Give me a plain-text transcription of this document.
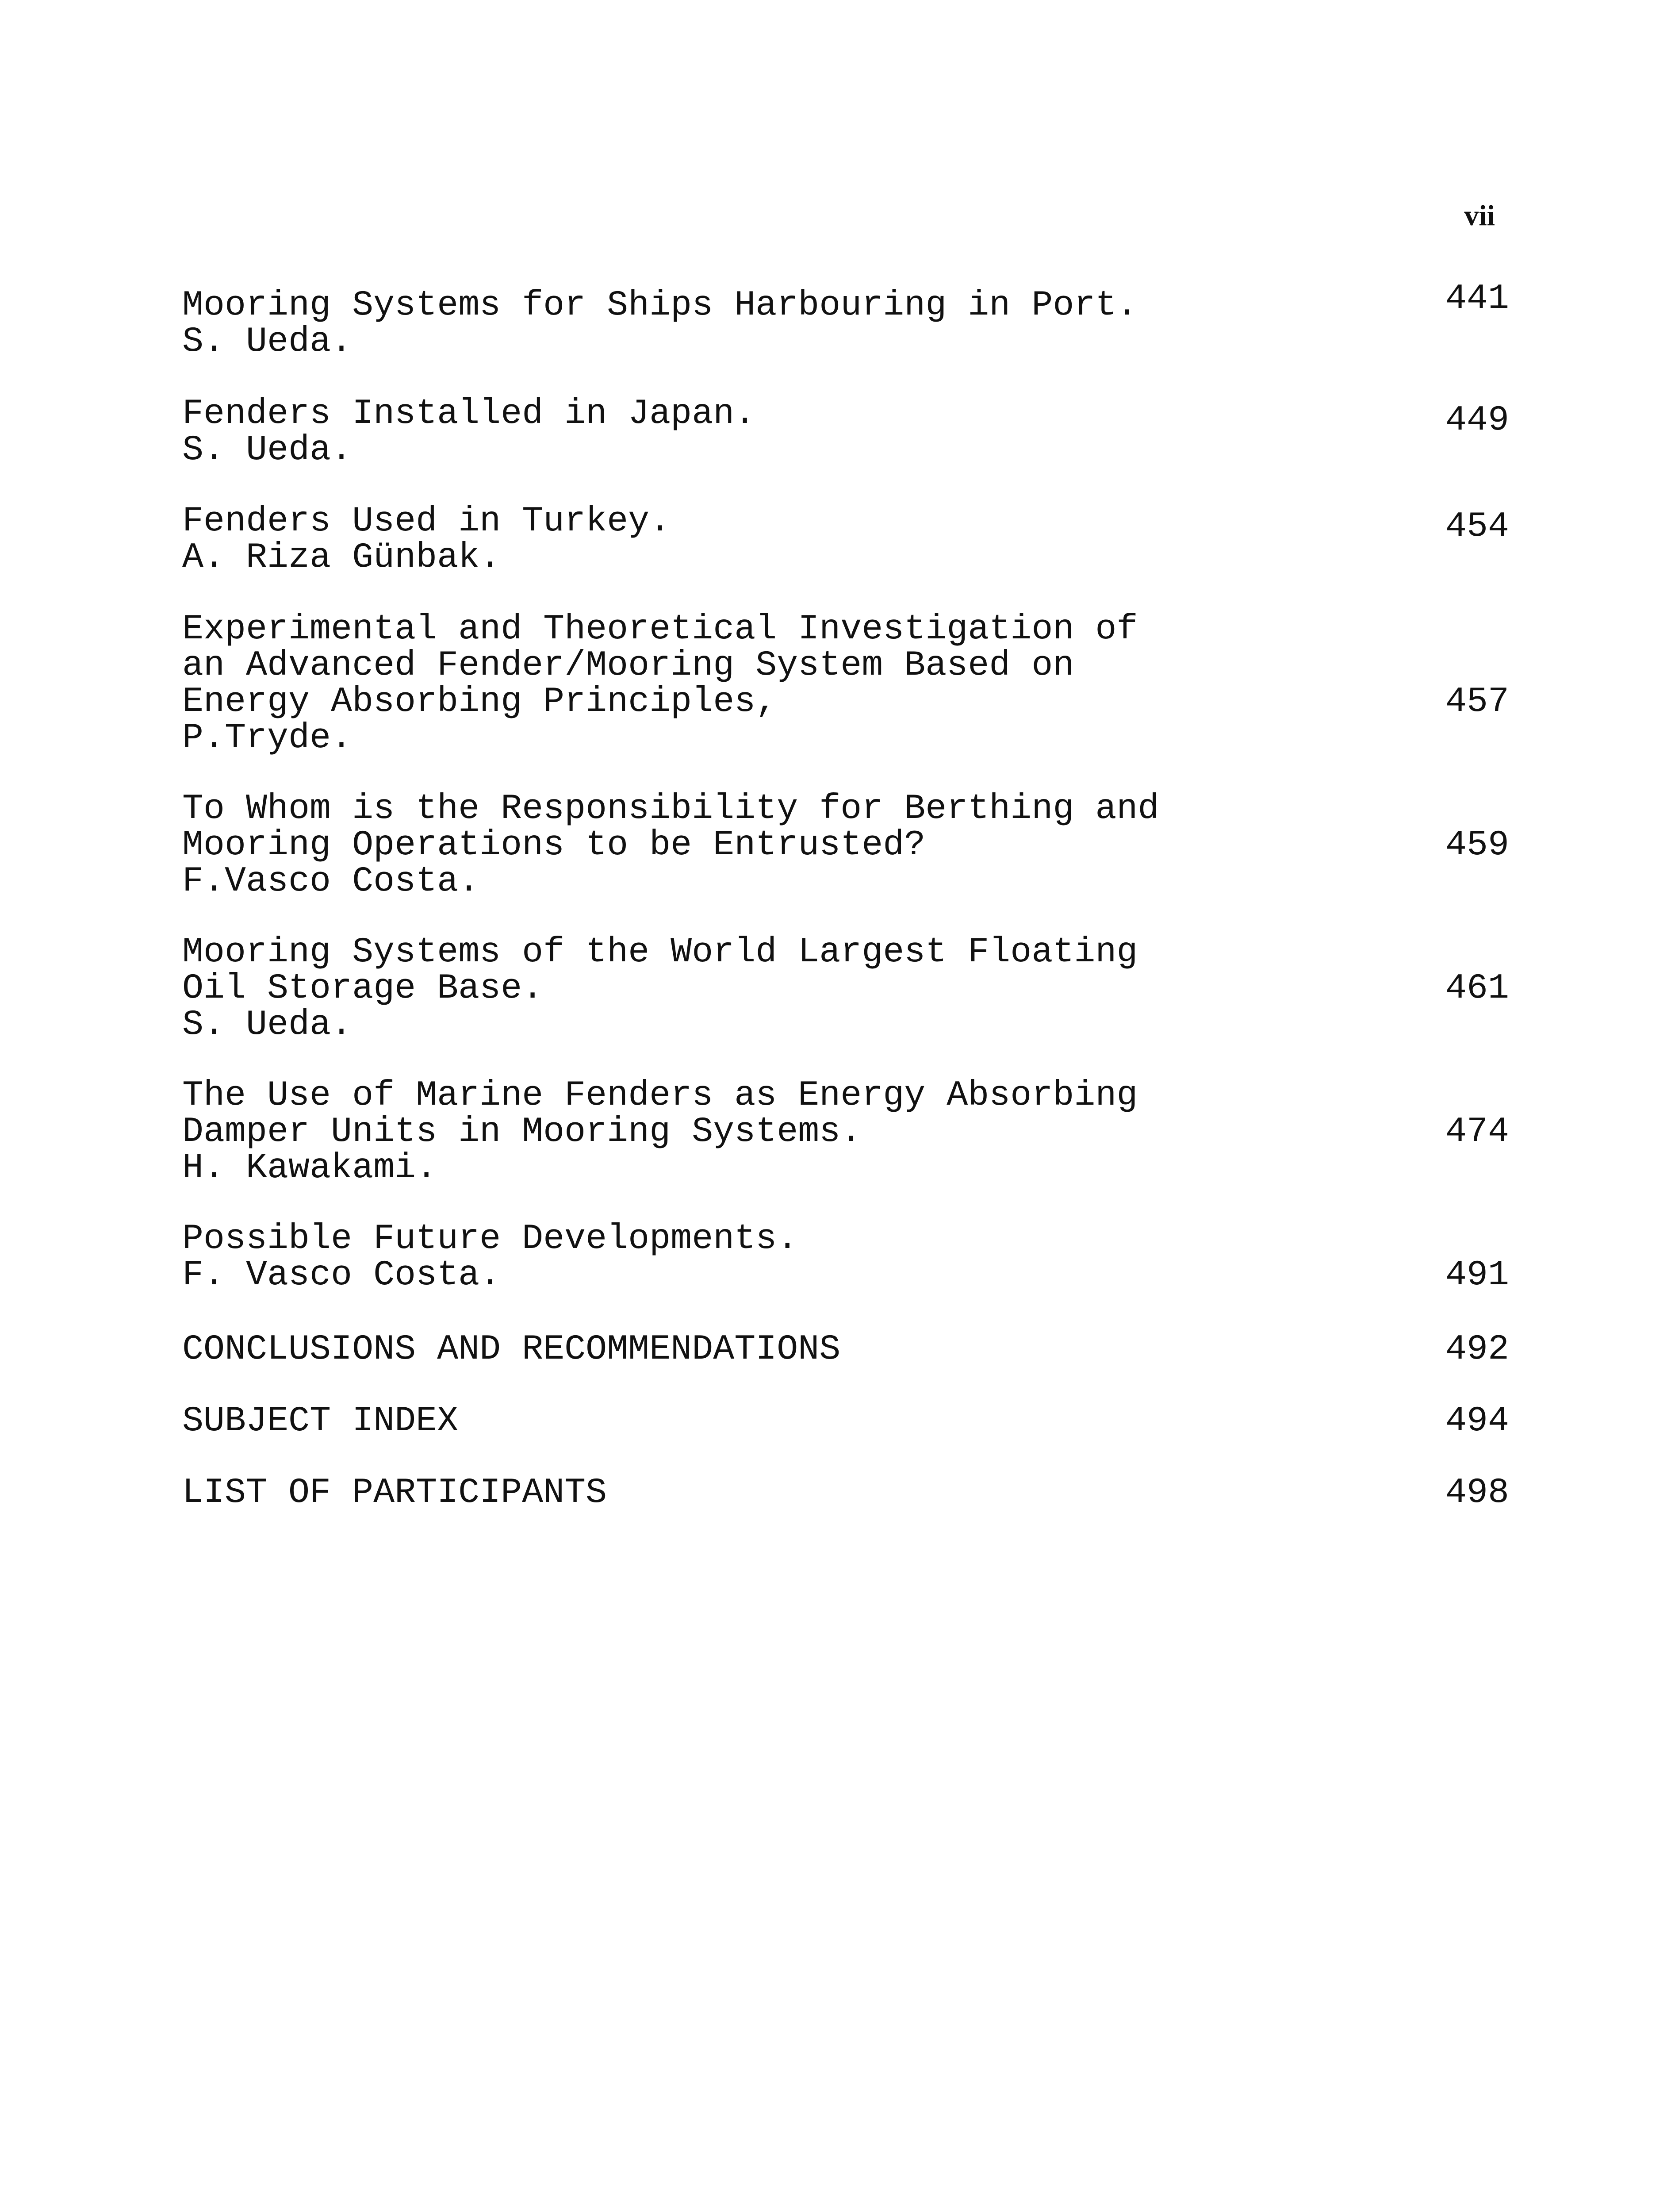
vii
Mooring Systems for Ships Harbouring in Port.
S. Ueda.
441
Fenders Installed in Japan.
S. Ueda.
449
Fenders Used in Turkey.
A. Riza Günbak.
454
Experimental and Theoretical Investigation of
an Advanced Fender/Mooring System Based on
Energy Absorbing Principles,
P.Tryde.
457
To Whom is the Responsibility for Berthing and
Mooring Operations to be Entrusted?
F.Vasco Costa.
459
Mooring Systems of the World Largest Floating
Oil Storage Base.
S. Ueda.
461
The Use of Marine Fenders as Energy Absorbing
Damper Units in Mooring Systems.
H. Kawakami.
474
Possible Future Developments.
F. Vasco Costa.	491
CONCLUSIONS AND RECOMMENDATIONS	492
SUBJECT INDEX	494
LIST OF PARTICIPANTS	498
